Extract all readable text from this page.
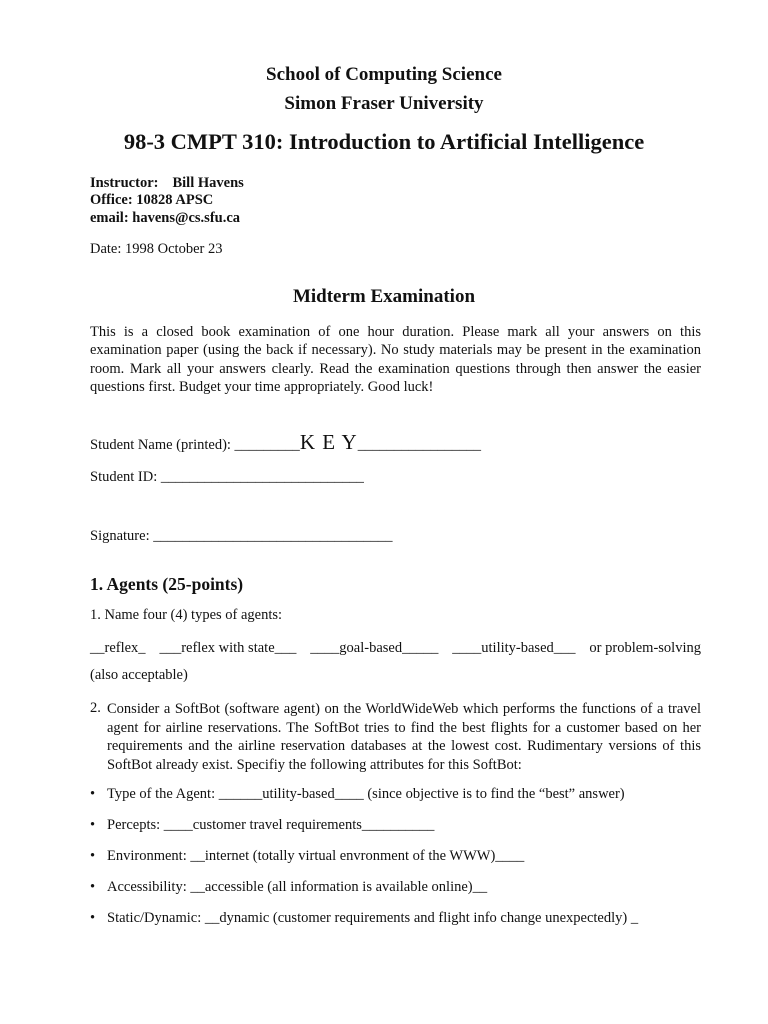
School of Computing Science
Simon Fraser University
98-3 CMPT 310: Introduction to Artificial Intelligence
Instructor: Bill Havens
Office: 10828 APSC
email: havens@cs.sfu.ca
Date: 1998 October 23
Midterm Examination
This is a closed book examination of one hour duration. Please mark all your answers on this examination paper (using the back if necessary). No study materials may be present in the examination room. Mark all your answers clearly. Read the examination questions through then answer the easier questions first. Budget your time appropriately. Good luck!
Student Name (printed): _________K E Y_________________
Student ID: ____________________________
Signature: _________________________________
1. Agents (25-points)
1. Name four (4) types of agents:
__reflex_ ___reflex with state___ ____goal-based_____ ____utility-based___ or problem-solving
(also acceptable)
2. Consider a SoftBot (software agent) on the WorldWideWeb which performs the functions of a travel agent for airline reservations. The SoftBot tries to find the best flights for a customer based on her requirements and the airline reservation databases at the lowest cost. Rudimentary versions of this SoftBot already exist. Specifiy the following attributes for this SoftBot:
• Type of the Agent: ______utility-based____ (since objective is to find the “best” answer)
• Percepts: ____customer travel requirements__________
• Environment: __internet (totally virtual envronment of the WWW)____
• Accessibility: __accessible (all information is available online)__
• Static/Dynamic: __dynamic (customer requirements and flight info change unexpectedly) _
